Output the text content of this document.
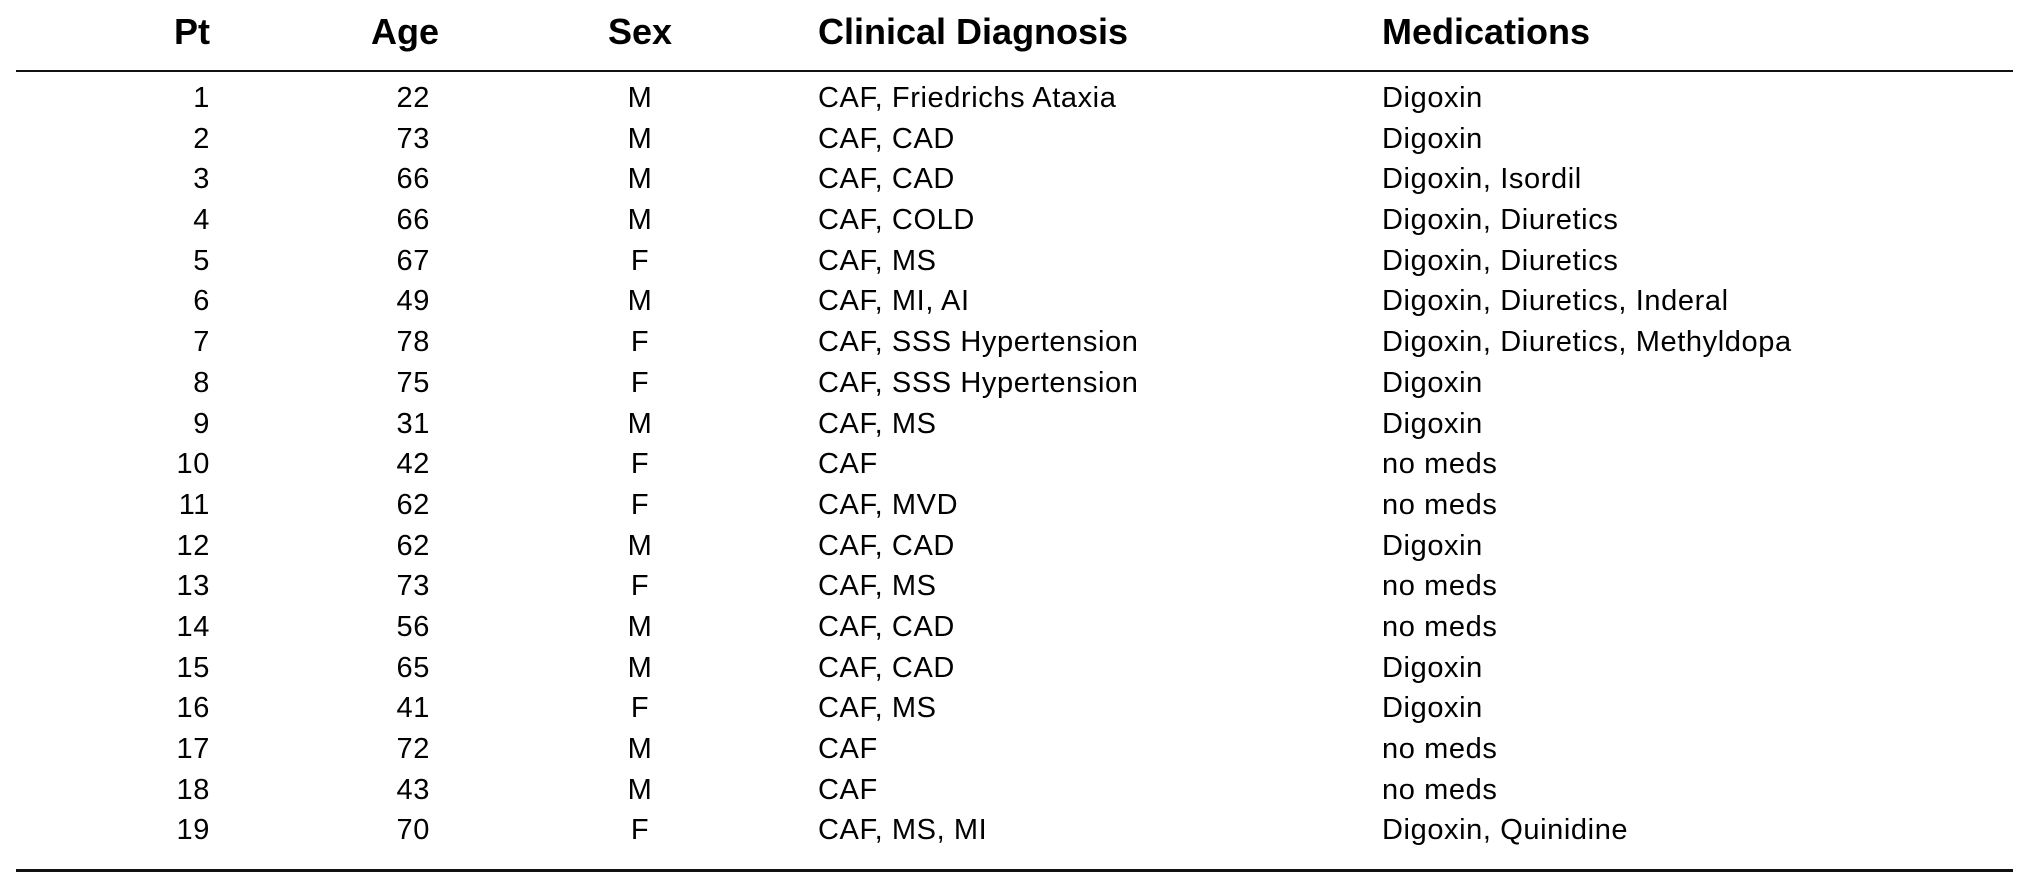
Pt	Age	Sex	Clinical Diagnosis	Medications
1	22	M	CAF, Friedrichs Ataxia	Digoxin
2	73	M	CAF, CAD	Digoxin
3	66	M	CAF, CAD	Digoxin, Isordil
4	66	M	CAF, COLD	Digoxin, Diuretics
5	67	F	CAF, MS	Digoxin, Diuretics
6	49	M	CAF, MI, AI	Digoxin, Diuretics, Inderal
7	78	F	CAF, SSS Hypertension	Digoxin, Diuretics, Methyldopa
8	75	F	CAF, SSS Hypertension	Digoxin
9	31	M	CAF, MS	Digoxin
10	42	F	CAF	no meds
11	62	F	CAF, MVD	no meds
12	62	M	CAF, CAD	Digoxin
13	73	F	CAF, MS	no meds
14	56	M	CAF, CAD	no meds
15	65	M	CAF, CAD	Digoxin
16	41	F	CAF, MS	Digoxin
17	72	M	CAF	no meds
18	43	M	CAF	no meds
19	70	F	CAF, MS, MI	Digoxin, Quinidine
